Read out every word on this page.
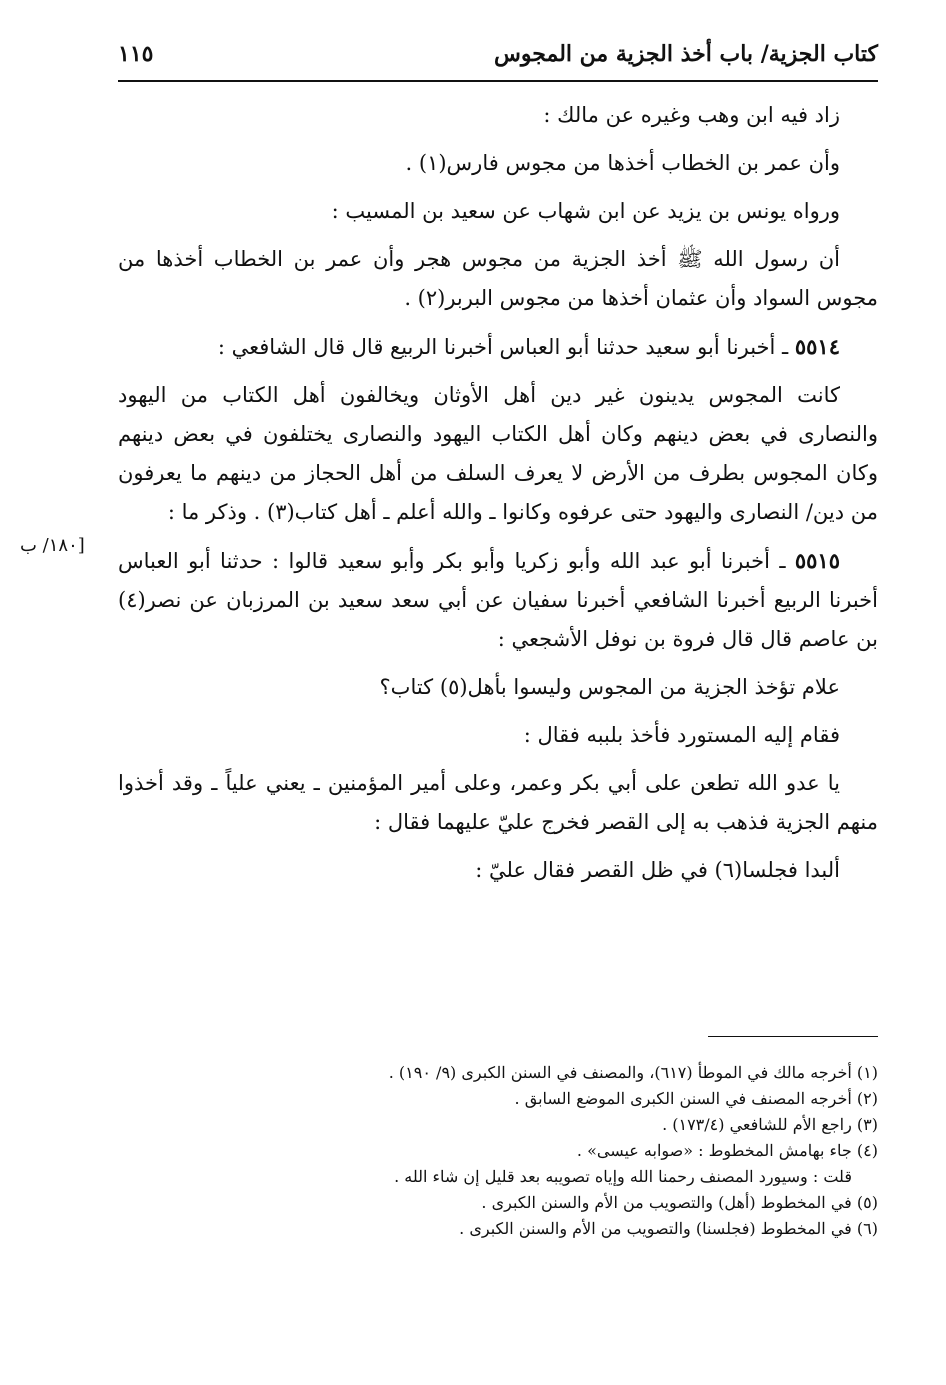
كتاب الجزية/ باب أخذ الجزية من المجوس
١١٥

زاد فيه ابن وهب وغيره عن مالك :

وأن عمر بن الخطاب أخذها من مجوس فارس(١) .

ورواه يونس بن يزيد عن ابن شهاب عن سعيد بن المسيب :

أن رسول الله ﷺ أخذ الجزية من مجوس هجر وأن عمر بن الخطاب أخذها من مجوس السواد وأن عثمان أخذها من مجوس البربر(٢) .

٥٥١٤ ـ أخبرنا أبو سعيد حدثنا أبو العباس أخبرنا الربيع قال قال الشافعي :

كانت المجوس يدينون غير دين أهل الأوثان ويخالفون أهل الكتاب من اليهود والنصارى في بعض دينهم وكان أهل الكتاب اليهود والنصارى يختلفون في بعض دينهم وكان المجوس بطرف من الأرض لا يعرف السلف من أهل الحجاز من دينهم ما يعرفون من دين/ النصارى واليهود حتى عرفوه وكانوا ـ والله أعلم ـ أهل كتاب(٣) . وذكر ما :

٥٥١٥ ـ أخبرنا أبو عبد الله وأبو زكريا وأبو بكر وأبو سعيد قالوا : حدثنا أبو العباس أخبرنا الربيع أخبرنا الشافعي أخبرنا سفيان عن أبي سعد سعيد بن المرزبان عن نصر(٤) بن عاصم قال قال فروة بن نوفل الأشجعي :

علام تؤخذ الجزية من المجوس وليسوا بأهل(٥) كتاب؟

فقام إليه المستورد فأخذ بلببه فقال :

يا عدو الله تطعن على أبي بكر وعمر، وعلى أمير المؤمنين ـ يعني علياً ـ وقد أخذوا منهم الجزية فذهب به إلى القصر فخرج عليّ عليهما فقال :

ألبدا فجلسا(٦) في ظل القصر فقال عليّ :

[١٨٠/ ب

(١) أخرجه مالك في الموطأ (٦١٧)، والمصنف في السنن الكبرى (٩/ ١٩٠) .

(٢) أخرجه المصنف في السنن الكبرى الموضع السابق .

(٣) راجع الأم للشافعي (١٧٣/٤) .

(٤) جاء بهامش المخطوط : «صوابه عيسى» .

قلت : وسيورد المصنف رحمنا الله وإياه تصويبه بعد قليل إن شاء الله .

(٥) في المخطوط (أهل) والتصويب من الأم والسنن الكبرى .

(٦) في المخطوط (فجلسنا) والتصويب من الأم والسنن الكبرى .
